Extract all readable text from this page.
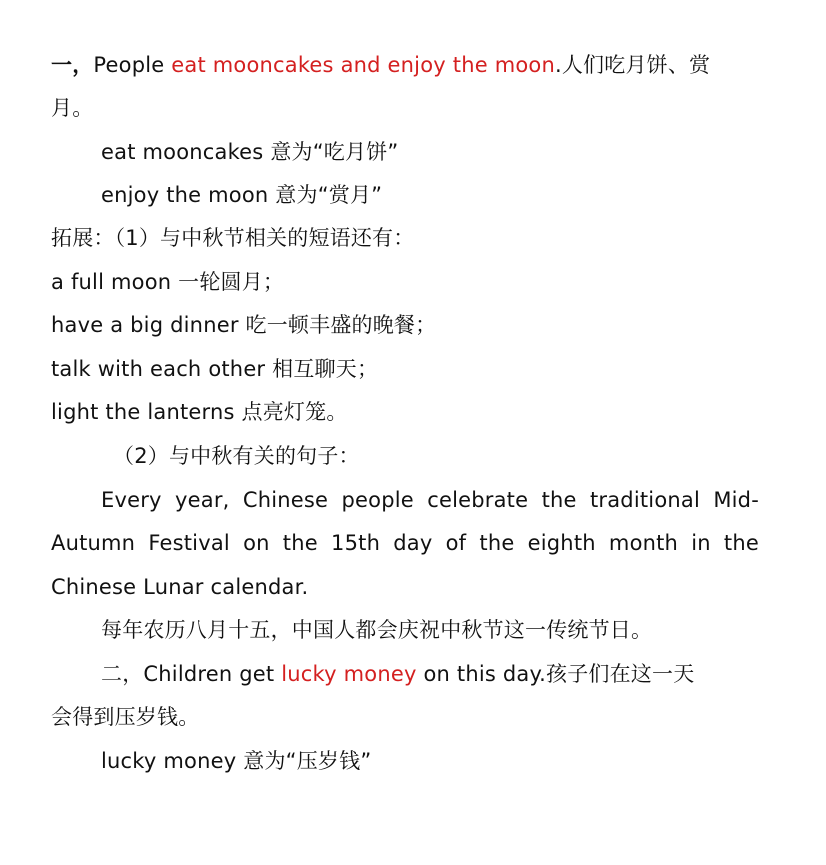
一，People eat mooncakes and enjoy the moon.人们吃月饼、赏
月。
eat mooncakes 意为“吃月饼”
enjoy the moon 意为“赏月”
拓展：（1）与中秋节相关的短语还有：
a full moon 一轮圆月；
have a big dinner 吃一顿丰盛的晚餐；
talk with each other 相互聊天；
light the lanterns 点亮灯笼。
（2）与中秋有关的句子：
Every year, Chinese people celebrate the traditional Mid-
Autumn Festival on the 15th day of the eighth month in the
Chinese Lunar calendar.
每年农历八月十五，中国人都会庆祝中秋节这一传统节日。
二，Children get lucky money on this day.孩子们在这一天
会得到压岁钱。
lucky money 意为“压岁钱”
